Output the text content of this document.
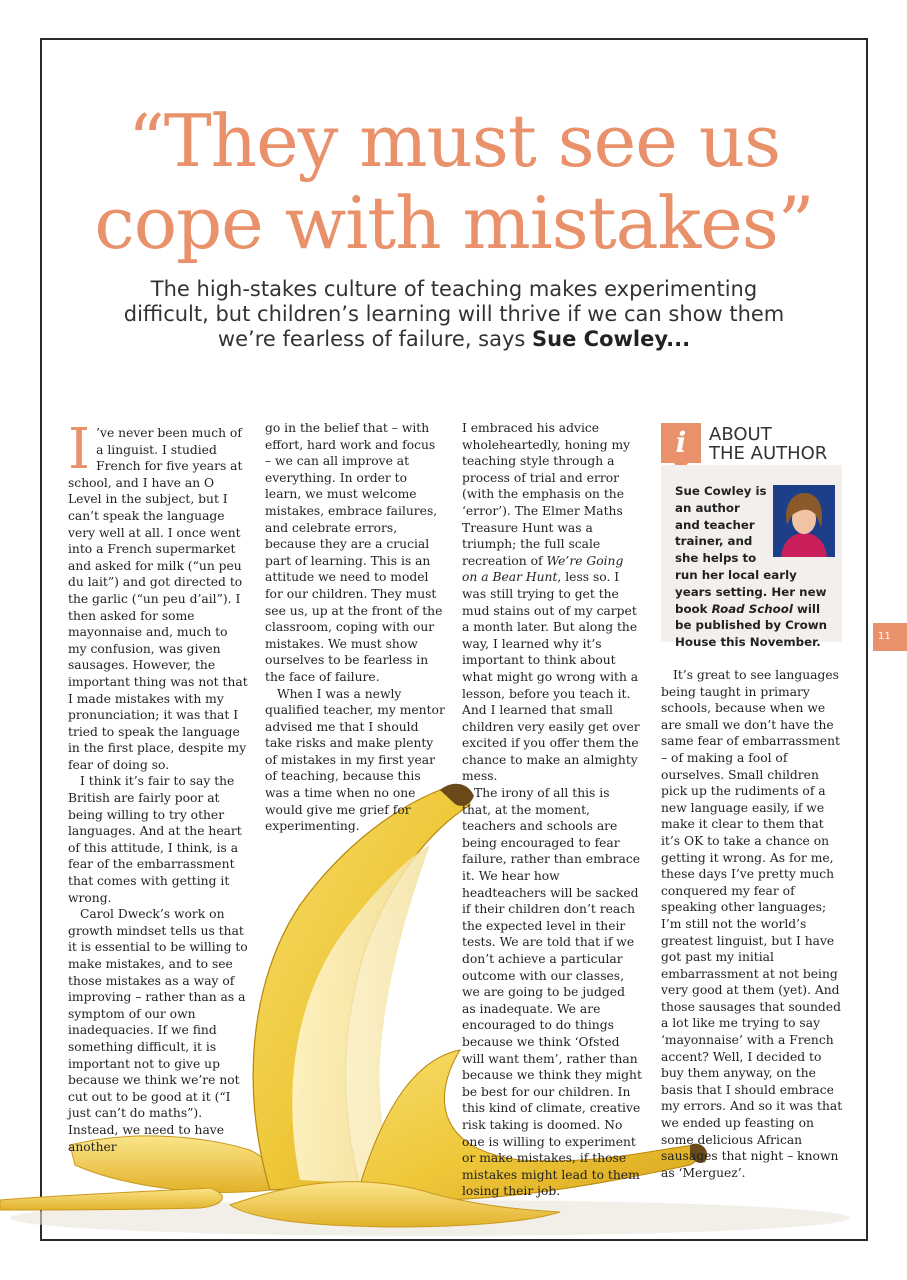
“They must see us cope with mistakes”

The high-stakes culture of teaching makes experimenting difficult, but children’s learning will thrive if we can show them we’re fearless of failure, says Sue Cowley...

I ’ve never been much of a linguist. I studied French for five years at school, and I have an O Level in the subject, but I can’t speak the language very well at all. I once went into a French supermarket and asked for milk (“un peu du lait”) and got directed to the garlic (“un peu d’ail”). I then asked for some mayonnaise and, much to my confusion, was given sausages. However, the important thing was not that I made mistakes with my pronunciation; it was that I tried to speak the language in the first place, despite my fear of doing so.

I think it’s fair to say the British are fairly poor at being willing to try other languages. And at the heart of this attitude, I think, is a fear of the embarrassment that comes with getting it wrong.

Carol Dweck’s work on growth mindset tells us that it is essential to be willing to make mistakes, and to see those mistakes as a way of improving – rather than as a symptom of our own inadequacies. If we find something difficult, it is important not to give up because we think we’re not cut out to be good at it (“I just can’t do maths”). Instead, we need to have another

go in the belief that – with effort, hard work and focus – we can all improve at everything. In order to learn, we must welcome mistakes, embrace failures, and celebrate errors, because they are a crucial part of learning. This is an attitude we need to model for our children. They must see us, up at the front of the classroom, coping with our mistakes. We must show ourselves to be fearless in the face of failure.

When I was a newly qualified teacher, my mentor advised me that I should take risks and make plenty of mistakes in my first year of teaching, because this was a time when no one would give me grief for experimenting.

I embraced his advice wholeheartedly, honing my teaching style through a process of trial and error (with the emphasis on the ‘error’). The Elmer Maths Treasure Hunt was a triumph; the full scale recreation of We’re Going on a Bear Hunt, less so. I was still trying to get the mud stains out of my carpet a month later. But along the way, I learned why it’s important to think about what might go wrong with a lesson, before you teach it. And I learned that small children very easily get over excited if you offer them the chance to make an almighty mess.

The irony of all this is that, at the moment, teachers and schools are being encouraged to fear failure, rather than embrace it. We hear how headteachers will be sacked if their children don’t reach the expected level in their tests. We are told that if we don’t achieve a particular outcome with our classes, we are going to be judged as inadequate. We are encouraged to do things because we think ‘Ofsted will want them’, rather than because we think they might be best for our children. In this kind of climate, creative risk taking is doomed. No one is willing to experiment or make mistakes, if those mistakes might lead to them losing their job.

i	ABOUT
THE AUTHOR

Sue Cowley is an author and teacher trainer, and she helps to run her local early years setting. Her new book Road School will be published by Crown House this November.	11

It’s great to see languages being taught in primary schools, because when we are small we don’t have the same fear of embarrassment – of making a fool of ourselves. Small children pick up the rudiments of a new language easily, if we make it clear to them that it’s OK to take a chance on getting it wrong. As for me, these days I’ve pretty much conquered my fear of speaking other languages; I’m still not the world’s greatest linguist, but I have got past my initial embarrassment at not being very good at them (yet). And those sausages that sounded a lot like me trying to say ‘mayonnaise’ with a French accent? Well, I decided to buy them anyway, on the basis that I should embrace my errors. And so it was that we ended up feasting on some delicious African sausages that night – known as ‘Merguez’.
